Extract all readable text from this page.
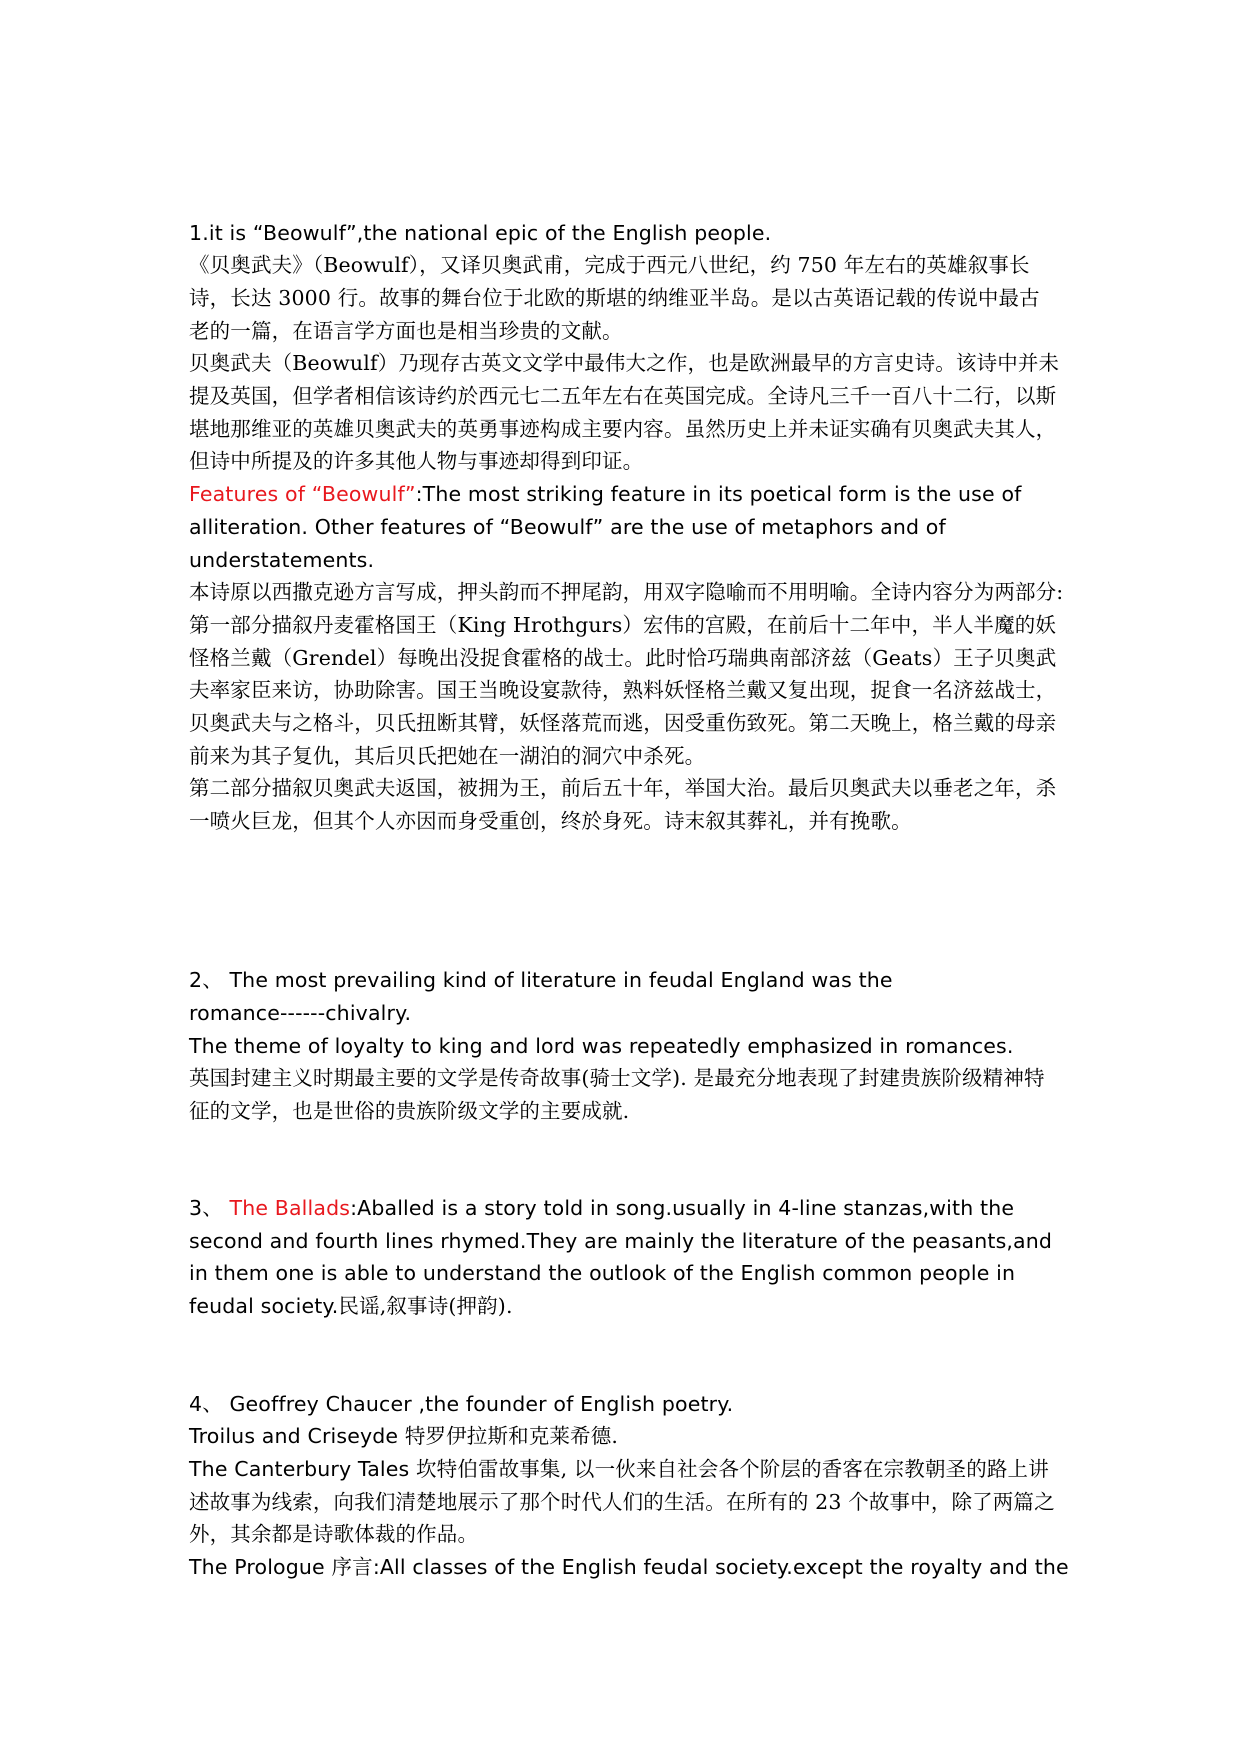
1.it is “Beowulf”,the national epic of the English people.
《贝奥武夫》（Beowulf），又译贝奥武甫，完成于西元八世纪，约 750 年左右的英雄叙事长
诗，长达 3000 行。故事的舞台位于北欧的斯堪的纳维亚半岛。是以古英语记载的传说中最古
老的一篇，在语言学方面也是相当珍贵的文献。
贝奥武夫（Beowulf）乃现存古英文文学中最伟大之作，也是欧洲最早的方言史诗。该诗中并未
提及英国，但学者相信该诗约於西元七二五年左右在英国完成。全诗凡三千一百八十二行，以斯
堪地那维亚的英雄贝奥武夫的英勇事迹构成主要内容。虽然历史上并未证实确有贝奥武夫其人，
但诗中所提及的许多其他人物与事迹却得到印证。
Features of “Beowulf”:The most striking feature in its poetical form is the use of
alliteration. Other features of “Beowulf” are the use of metaphors and of
understatements.
本诗原以西撒克逊方言写成，押头韵而不押尾韵，用双字隐喻而不用明喻。全诗内容分为两部分:
第一部分描叙丹麦霍格国王（King Hrothgurs）宏伟的宫殿，在前后十二年中，半人半魔的妖
怪格兰戴（Grendel）每晚出没捉食霍格的战士。此时恰巧瑞典南部济兹（Geats）王子贝奥武
夫率家臣来访，协助除害。国王当晚设宴款待，熟料妖怪格兰戴又复出现，捉食一名济兹战士，
贝奥武夫与之格斗，贝氏扭断其臂，妖怪落荒而逃，因受重伤致死。第二天晚上，格兰戴的母亲
前来为其子复仇，其后贝氏把她在一湖泊的洞穴中杀死。
第二部分描叙贝奥武夫返国，被拥为王，前后五十年，举国大治。最后贝奥武夫以垂老之年，杀
一喷火巨龙，但其个人亦因而身受重创，终於身死。诗末叙其葬礼，并有挽歌。
2、 The most prevailing kind of literature in feudal England was the
romance------chivalry.
The theme of loyalty to king and lord was repeatedly emphasized in romances.
英国封建主义时期最主要的文学是传奇故事(骑士文学). 是最充分地表现了封建贵族阶级精神特
征的文学，也是世俗的贵族阶级文学的主要成就.
3、 The Ballads:Aballed is a story told in song.usually in 4-line stanzas,with the
second and fourth lines rhymed.They are mainly the literature of the peasants,and
in them one is able to understand the outlook of the English common people in
feudal society.民谣,叙事诗(押韵).
4、 Geoffrey Chaucer ,the founder of English poetry.
Troilus and Criseyde 特罗伊拉斯和克莱希德.
The Canterbury Tales 坎特伯雷故事集, 以一伙来自社会各个阶层的香客在宗教朝圣的路上讲
述故事为线索，向我们清楚地展示了那个时代人们的生活。在所有的 23 个故事中，除了两篇之
外，其余都是诗歌体裁的作品。
The Prologue 序言:All classes of the English feudal society.except the royalty and the
